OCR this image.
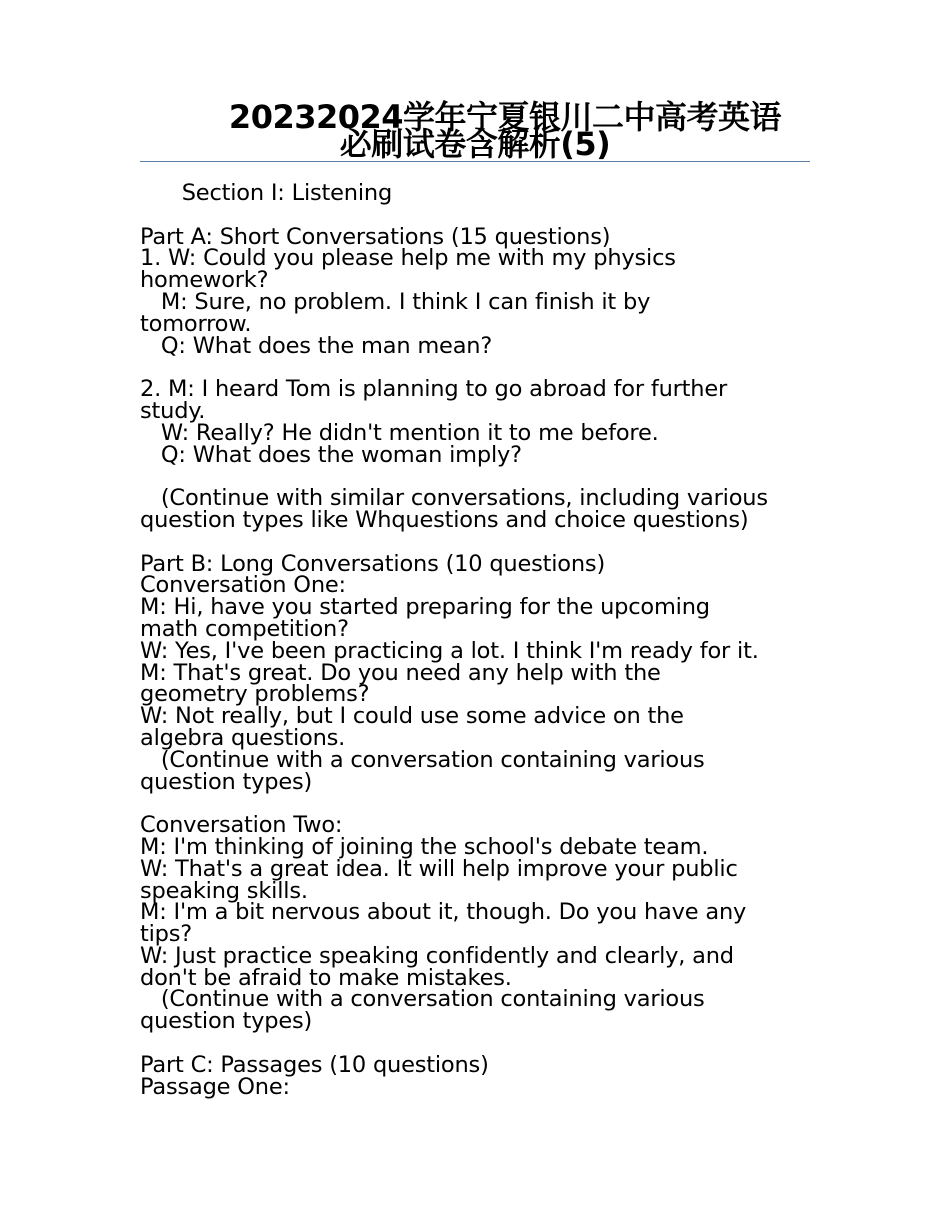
20232024学年宁夏银川二中高考英语
必刷试卷含解析(5)
Section I: Listening
Part A: Short Conversations (15 questions)
1. W: Could you please help me with my physics
homework?
M: Sure, no problem. I think I can finish it by
tomorrow.
Q: What does the man mean?
2. M: I heard Tom is planning to go abroad for further
study.
W: Really? He didn't mention it to me before.
Q: What does the woman imply?
(Continue with similar conversations, including various
question types like Whquestions and choice questions)
Part B: Long Conversations (10 questions)
Conversation One:
M: Hi, have you started preparing for the upcoming
math competition?
W: Yes, I've been practicing a lot. I think I'm ready for it.
M: That's great. Do you need any help with the
geometry problems?
W: Not really, but I could use some advice on the
algebra questions.
(Continue with a conversation containing various
question types)
Conversation Two:
M: I'm thinking of joining the school's debate team.
W: That's a great idea. It will help improve your public
speaking skills.
M: I'm a bit nervous about it, though. Do you have any
tips?
W: Just practice speaking confidently and clearly, and
don't be afraid to make mistakes.
(Continue with a conversation containing various
question types)
Part C: Passages (10 questions)
Passage One:
